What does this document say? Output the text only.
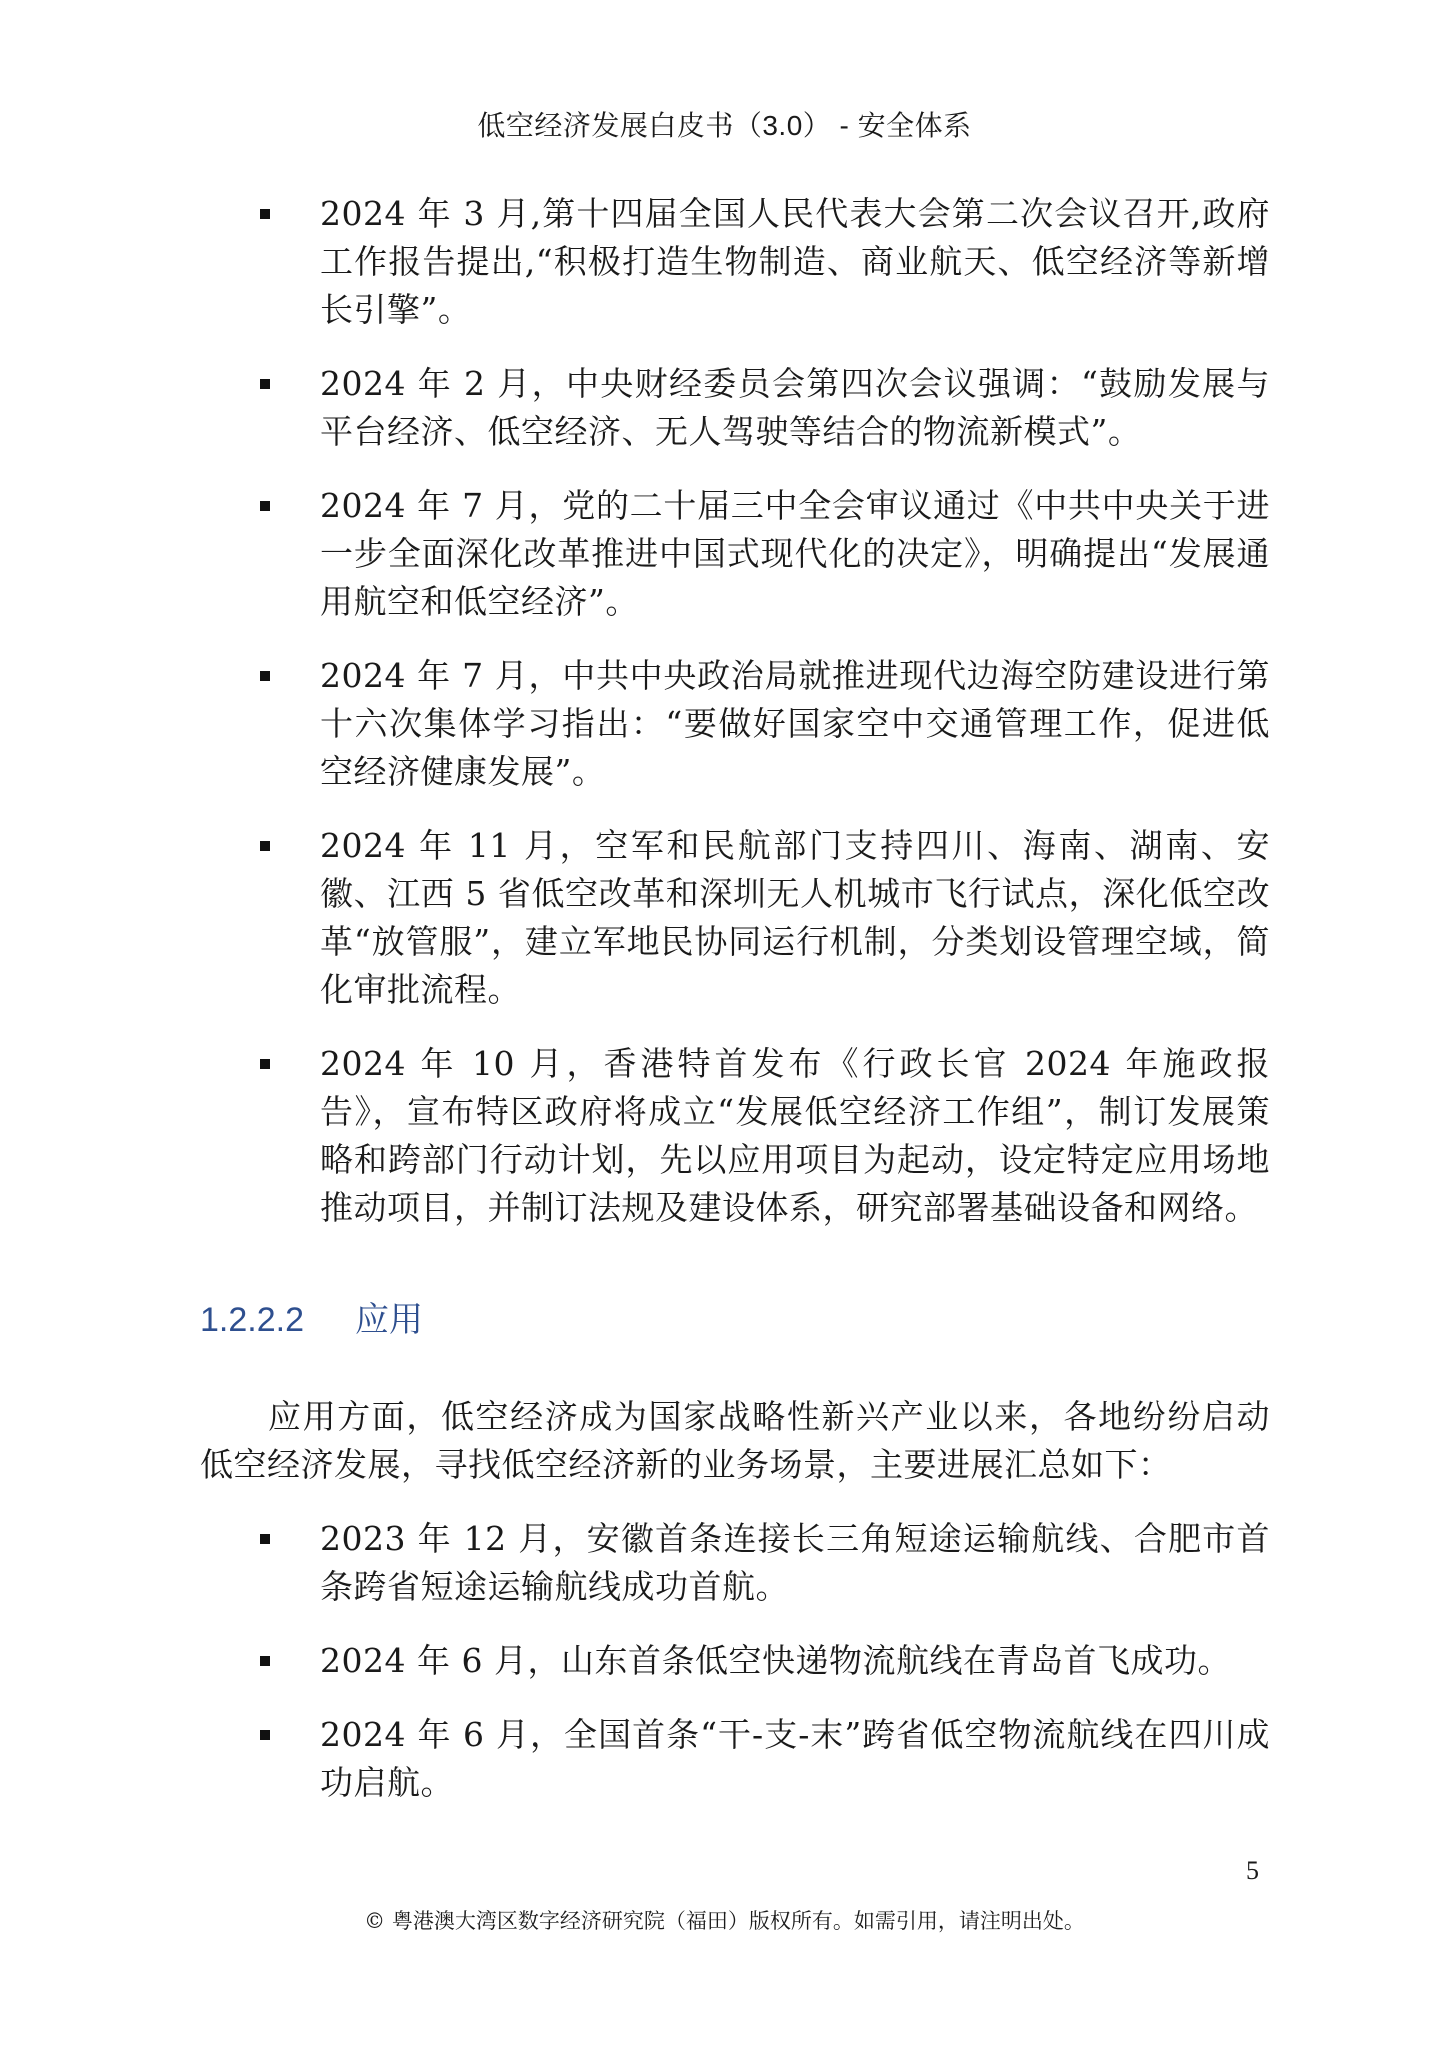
低空经济发展白皮书（3.0） - 安全体系
2024 年 3 月,第十四届全国人民代表大会第二次会议召开,政府工作报告提出,“积极打造生物制造、商业航天、低空经济等新增长引擎”。
2024 年 2 月，中央财经委员会第四次会议强调：“鼓励发展与平台经济、低空经济、无人驾驶等结合的物流新模式”。
2024 年 7 月，党的二十届三中全会审议通过《中共中央关于进一步全面深化改革推进中国式现代化的决定》，明确提出“发展通用航空和低空经济”。
2024 年 7 月，中共中央政治局就推进现代边海空防建设进行第十六次集体学习指出：“要做好国家空中交通管理工作，促进低空经济健康发展”。
2024 年 11 月，空军和民航部门支持四川、海南、湖南、安徽、江西 5 省低空改革和深圳无人机城市飞行试点，深化低空改革“放管服”，建立军地民协同运行机制，分类划设管理空域，简化审批流程。
2024 年 10 月，香港特首发布《行政长官 2024 年施政报告》，宣布特区政府将成立“发展低空经济工作组”，制订发展策略和跨部门行动计划，先以应用项目为起动，设定特定应用场地推动项目，并制订法规及建设体系，研究部署基础设备和网络。
1.2.2.2	应用

应用方面，低空经济成为国家战略性新兴产业以来，各地纷纷启动低空经济发展，寻找低空经济新的业务场景，主要进展汇总如下：

2023 年 12 月，安徽首条连接长三角短途运输航线、合肥市首条跨省短途运输航线成功首航。
2024 年 6 月，山东首条低空快递物流航线在青岛首飞成功。
2024 年 6 月，全国首条“干-支-末”跨省低空物流航线在四川成功启航。
5
© 粤港澳大湾区数字经济研究院（福田）版权所有。如需引用，请注明出处。
